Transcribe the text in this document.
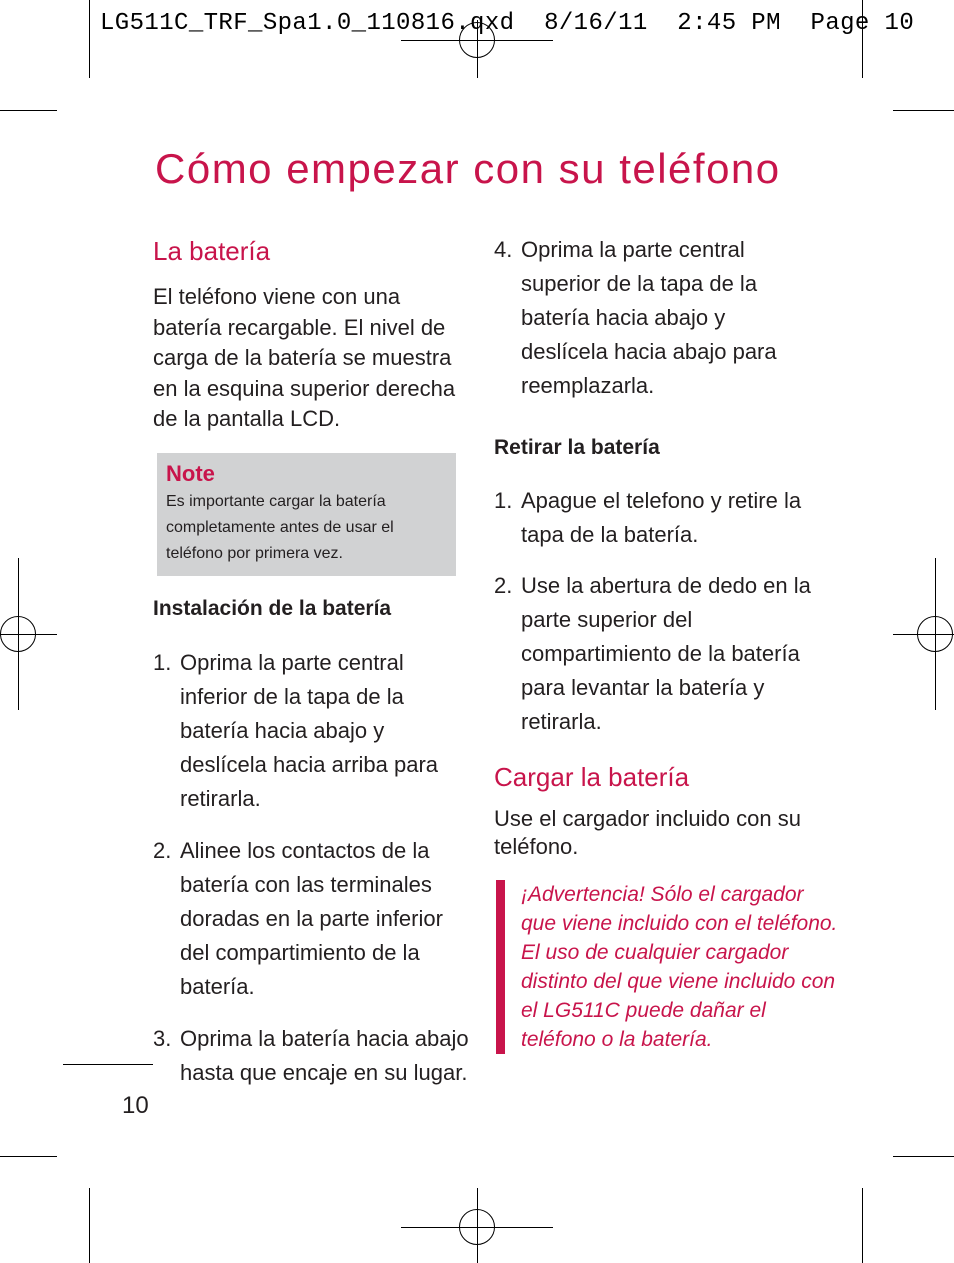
LG511C_TRF_Spa1.0_110816.qxd  8/16/11  2:45 PM  Page 10
Cómo empezar con su teléfono
La batería
El teléfono viene con una batería recargable. El nivel de carga de la batería se muestra en la esquina superior derecha de la pantalla LCD.
Note
Es importante cargar la batería completamente antes de usar el teléfono por primera vez.
Instalación de la batería
1. Oprima la parte central inferior de la tapa de la batería hacia abajo y deslícela hacia arriba para retirarla.
2. Alinee los contactos de la batería con las terminales doradas en la parte inferior del compartimiento de la batería.
3. Oprima la batería hacia abajo hasta que encaje en su lugar.
4. Oprima la parte central superior de la tapa de la batería hacia abajo y deslícela hacia abajo para reemplazarla.
Retirar la batería
1. Apague el telefono y retire la tapa de la batería.
2. Use la abertura de dedo en la parte superior del compartimiento de la batería para levantar la batería y retirarla.
Cargar la batería
Use el cargador incluido con su teléfono.
¡Advertencia! Sólo el cargador que viene incluido con el teléfono. El uso de cualquier cargador distinto del que viene incluido con el LG511C puede dañar el teléfono o la batería.
10
